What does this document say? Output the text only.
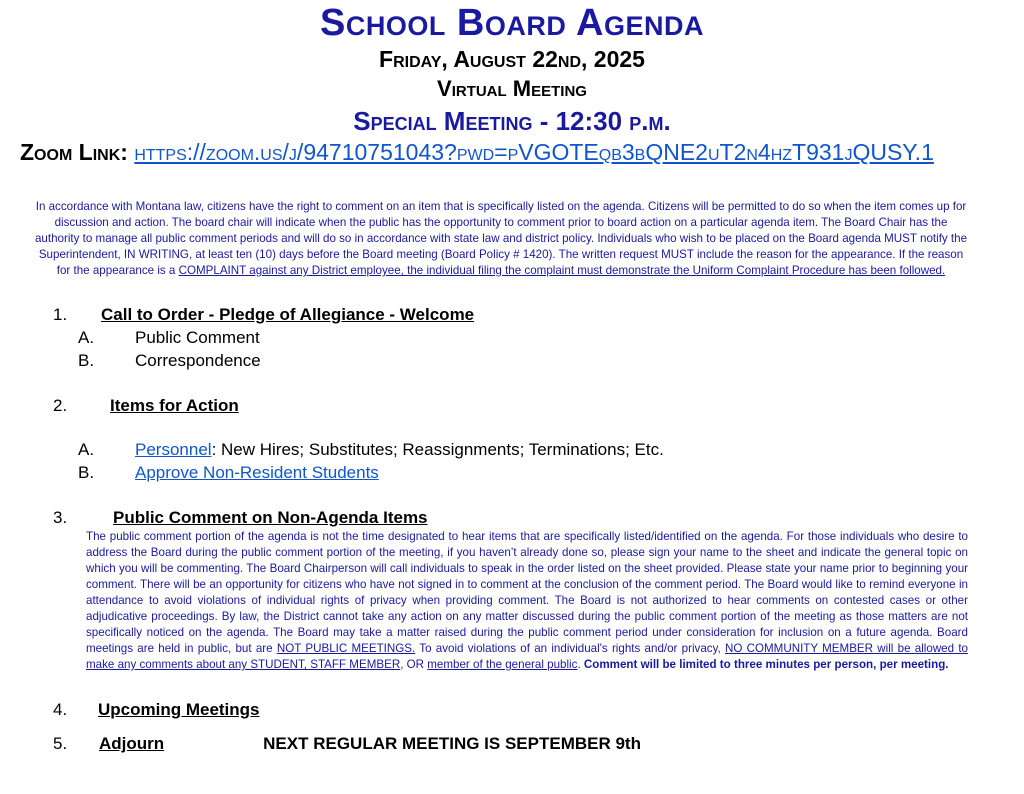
School Board Agenda
Friday, August 22nd, 2025
Virtual Meeting
Special Meeting - 12:30 p.m.
Zoom Link: https://zoom.us/j/94710751043?pwd=pVGOTEqb3bQNE2uT2n4hzT931jQUSY.1
In accordance with Montana law, citizens have the right to comment on an item that is specifically listed on the agenda. Citizens will be permitted to do so when the item comes up for discussion and action. The board chair will indicate when the public has the opportunity to comment prior to board action on a particular agenda item. The Board Chair has the authority to manage all public comment periods and will do so in accordance with state law and district policy. Individuals who wish to be placed on the Board agenda MUST notify the Superintendent, IN WRITING, at least ten (10) days before the Board meeting (Board Policy # 1420). The written request MUST include the reason for the appearance. If the reason for the appearance is a COMPLAINT against any District employee, the individual filing the complaint must demonstrate the Uniform Complaint Procedure has been followed.
1. Call to Order - Pledge of Allegiance - Welcome
A. Public Comment
B. Correspondence
2.	Items for Action
A. Personnel: New Hires; Substitutes; Reassignments; Terminations; Etc.
B. Approve Non-Resident Students
3.	Public Comment on Non-Agenda Items
The public comment portion of the agenda is not the time designated to hear items that are specifically listed/identified on the agenda. For those individuals who desire to address the Board during the public comment portion of the meeting, if you haven’t already done so, please sign your name to the sheet and indicate the general topic on which you will be commenting. The Board Chairperson will call individuals to speak in the order listed on the sheet provided. Please state your name prior to beginning your comment. There will be an opportunity for citizens who have not signed in to comment at the conclusion of the comment period. The Board would like to remind everyone in attendance to avoid violations of individual rights of privacy when providing comment. The Board is not authorized to hear comments on contested cases or other adjudicative proceedings. By law, the District cannot take any action on any matter discussed during the public comment portion of the meeting as those matters are not specifically noticed on the agenda. The Board may take a matter raised during the public comment period under consideration for inclusion on a future agenda. Board meetings are held in public, but are NOT PUBLIC MEETINGS. To avoid violations of an individual's rights and/or privacy, NO COMMUNITY MEMBER will be allowed to make any comments about any STUDENT, STAFF MEMBER, OR member of the general public. Comment will be limited to three minutes per person, per meeting.
4. Upcoming Meetings
5. Adjourn	NEXT REGULAR MEETING IS SEPTEMBER 9th
